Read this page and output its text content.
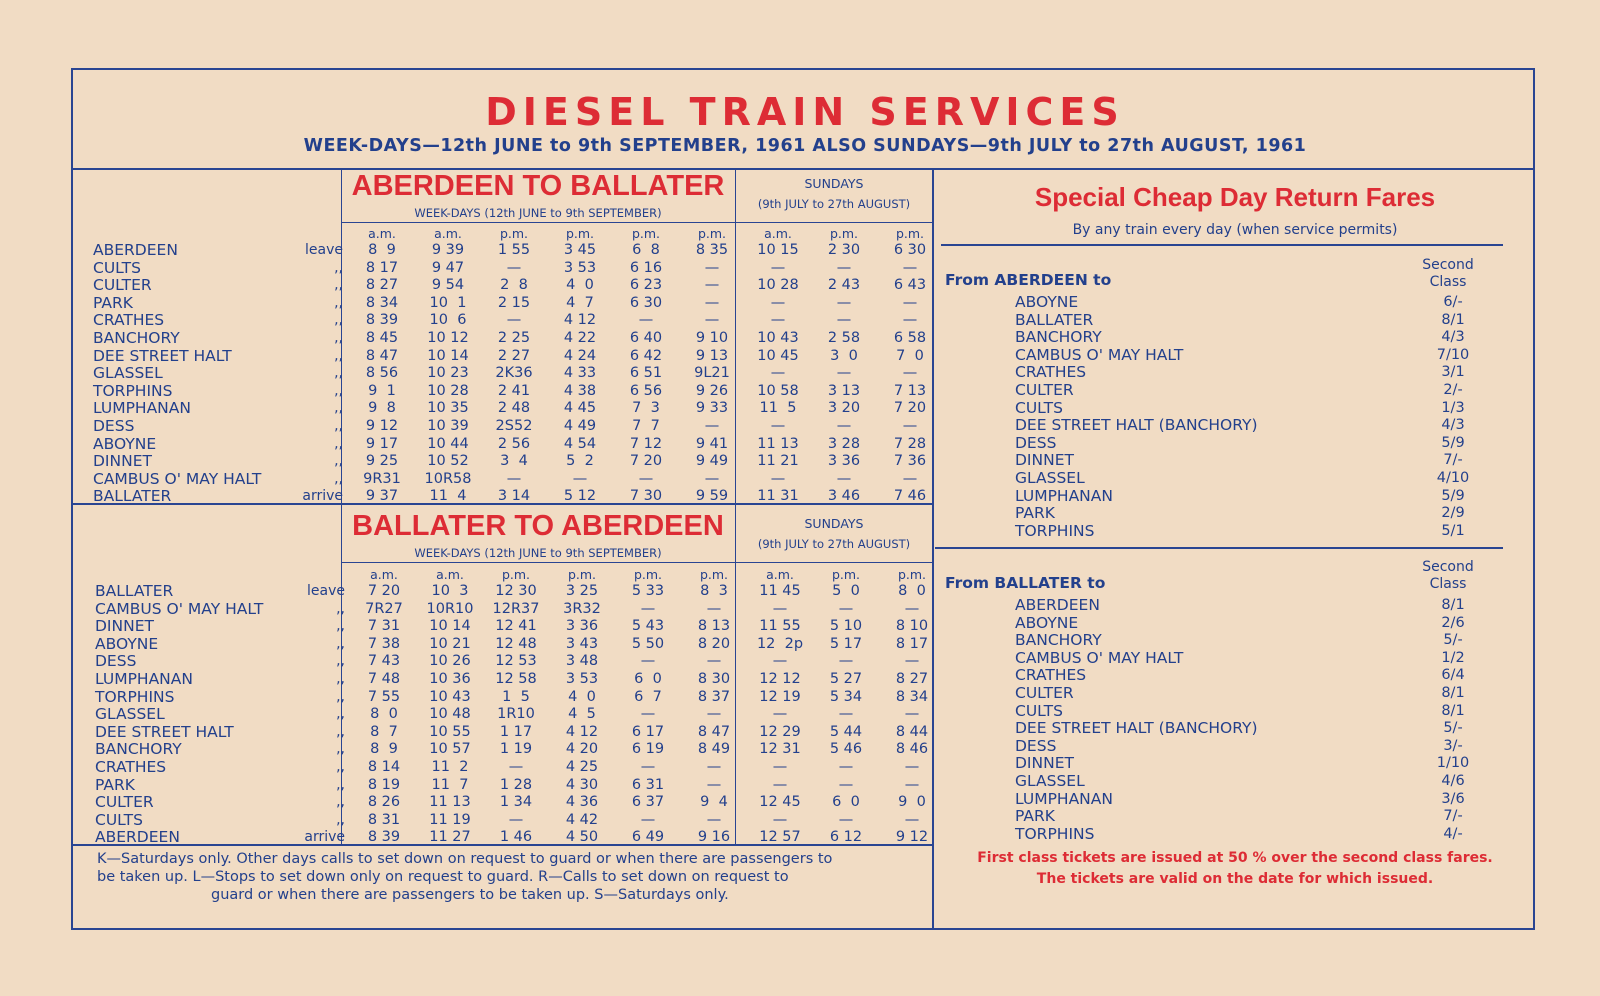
DIESEL TRAIN SERVICES
WEEK-DAYS—12th JUNE to 9th SEPTEMBER, 1961 ALSO SUNDAYS—9th JULY to 27th AUGUST, 1961
ABERDEEN TO BALLATER
WEEK-DAYS (12th JUNE to 9th SEPTEMBER)
SUNDAYS
(9th JULY to 27th AUGUST)
a.m.	a.m.	p.m.	p.m.	p.m.	p.m.	a.m.	p.m.	p.m.
ABERDEEN	leave	8  9	9 39	1 55	3 45	6  8	8 35	10 15	2 30	6 30
CULTS	,,	8 17	9 47	—	3 53	6 16	—	—	—	—
CULTER	,,	8 27	9 54	2  8	4  0	6 23	—	10 28	2 43	6 43
PARK	,,	8 34	10  1	2 15	4  7	6 30	—	—	—	—
CRATHES	,,	8 39	10  6	—	4 12	—	—	—	—	—
BANCHORY	,,	8 45	10 12	2 25	4 22	6 40	9 10	10 43	2 58	6 58
DEE STREET HALT	,,	8 47	10 14	2 27	4 24	6 42	9 13	10 45	3  0	7  0
GLASSEL	,,	8 56	10 23	2K36	4 33	6 51	9L21	—	—	—
TORPHINS	,,	9  1	10 28	2 41	4 38	6 56	9 26	10 58	3 13	7 13
LUMPHANAN	,,	9  8	10 35	2 48	4 45	7  3	9 33	11  5	3 20	7 20
DESS	,,	9 12	10 39	2S52	4 49	7  7	—	—	—	—
ABOYNE	,,	9 17	10 44	2 56	4 54	7 12	9 41	11 13	3 28	7 28
DINNET	,,	9 25	10 52	3  4	5  2	7 20	9 49	11 21	3 36	7 36
CAMBUS O' MAY HALT	,,	9R31	10R58	—	—	—	—	—	—	—
BALLATER	arrive	9 37	11  4	3 14	5 12	7 30	9 59	11 31	3 46	7 46
BALLATER TO ABERDEEN
WEEK-DAYS (12th JUNE to 9th SEPTEMBER)
SUNDAYS
(9th JULY to 27th AUGUST)
a.m.	a.m.	p.m.	p.m.	p.m.	p.m.	a.m.	p.m.	p.m.
BALLATER	leave	7 20	10  3	12 30	3 25	5 33	8  3	11 45	5  0	8  0
CAMBUS O' MAY HALT	,,	7R27	10R10	12R37	3R32	—	—	—	—	—
DINNET	,,	7 31	10 14	12 41	3 36	5 43	8 13	11 55	5 10	8 10
ABOYNE	,,	7 38	10 21	12 48	3 43	5 50	8 20	12  2p	5 17	8 17
DESS	,,	7 43	10 26	12 53	3 48	—	—	—	—	—
LUMPHANAN	,,	7 48	10 36	12 58	3 53	6  0	8 30	12 12	5 27	8 27
TORPHINS	,,	7 55	10 43	1  5	4  0	6  7	8 37	12 19	5 34	8 34
GLASSEL	,,	8  0	10 48	1R10	4  5	—	—	—	—	—
DEE STREET HALT	,,	8  7	10 55	1 17	4 12	6 17	8 47	12 29	5 44	8 44
BANCHORY	,,	8  9	10 57	1 19	4 20	6 19	8 49	12 31	5 46	8 46
CRATHES	,,	8 14	11  2	—	4 25	—	—	—	—	—
PARK	,,	8 19	11  7	1 28	4 30	6 31	—	—	—	—
CULTER	,,	8 26	11 13	1 34	4 36	6 37	9  4	12 45	6  0	9  0
CULTS	,,	8 31	11 19	—	4 42	—	—	—	—	—
ABERDEEN	arrive	8 39	11 27	1 46	4 50	6 49	9 16	12 57	6 12	9 12
K—Saturdays only. Other days calls to set down on request to guard or when there are passengers to
be taken up. L—Stops to set down only on request to guard. R—Calls to set down on request to
guard or when there are passengers to be taken up. S—Saturdays only.
Special Cheap Day Return Fares
By any train every day (when service permits)
From ABERDEEN to
Second
Class
ABOYNE	6/-
BALLATER	8/1
BANCHORY	4/3
CAMBUS O' MAY HALT	7/10
CRATHES	3/1
CULTER	2/-
CULTS	1/3
DEE STREET HALT (BANCHORY)	4/3
DESS	5/9
DINNET	7/-
GLASSEL	4/10
LUMPHANAN	5/9
PARK	2/9
TORPHINS	5/1
From BALLATER to
Second
Class
ABERDEEN	8/1
ABOYNE	2/6
BANCHORY	5/-
CAMBUS O' MAY HALT	1/2
CRATHES	6/4
CULTER	8/1
CULTS	8/1
DEE STREET HALT (BANCHORY)	5/-
DESS	3/-
DINNET	1/10
GLASSEL	4/6
LUMPHANAN	3/6
PARK	7/-
TORPHINS	4/-
First class tickets are issued at 50 % over the second class fares.
The tickets are valid on the date for which issued.
